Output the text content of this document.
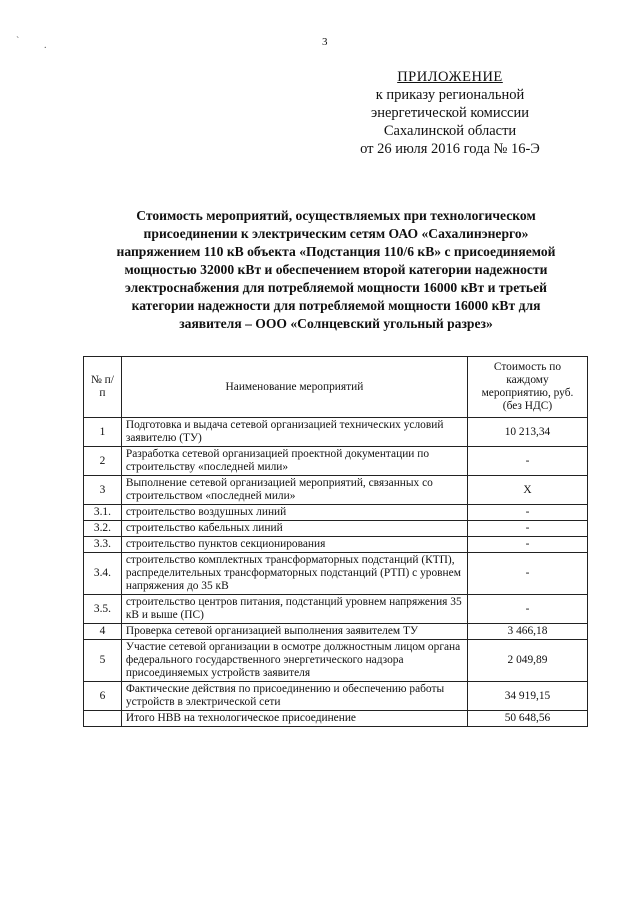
` .	3
ПРИЛОЖЕНИЕ
к приказу региональной
энергетической комиссии
Сахалинской области
от 26 июля 2016 года № 16-Э
Стоимость мероприятий, осуществляемых при технологическом
присоединении к электрическим сетям ОАО «Сахалинэнерго»
напряжением 110 кВ объекта «Подстанция 110/6 кВ» с присоединяемой
мощностью 32000 кВт и обеспечением второй категории надежности
электроснабжения для потребляемой мощности 16000 кВт и третьей
категории надежности для потребляемой мощности 16000 кВт для
заявителя – ООО «Солнцевский угольный разрез»
№ п/п	Наименование мероприятий	Стоимость по каждому мероприятию, руб. (без НДС)
1	Подготовка и выдача сетевой организацией технических условий заявителю (ТУ)	10 213,34
2	Разработка сетевой организацией проектной документации по строительству «последней мили»	-
3	Выполнение сетевой организацией мероприятий, связанных со строительством «последней мили»	X
3.1.	строительство воздушных линий	-
3.2.	строительство кабельных линий	-
3.3.	строительство пунктов секционирования	-
3.4.	строительство комплектных трансформаторных подстанций (КТП), распределительных трансформаторных подстанций (РТП) с уровнем напряжения до 35 кВ	-
3.5.	строительство центров питания, подстанций уровнем напряжения 35 кВ и выше (ПС)	-
4	Проверка сетевой организацией выполнения заявителем ТУ	3 466,18
5	Участие сетевой организации в осмотре должностным лицом органа федерального государственного энергетического надзора присоединяемых устройств заявителя	2 049,89
6	Фактические действия по присоединению и обеспечению работы устройств в электрической сети	34 919,15
	Итого НВВ на технологическое присоединение	50 648,56
